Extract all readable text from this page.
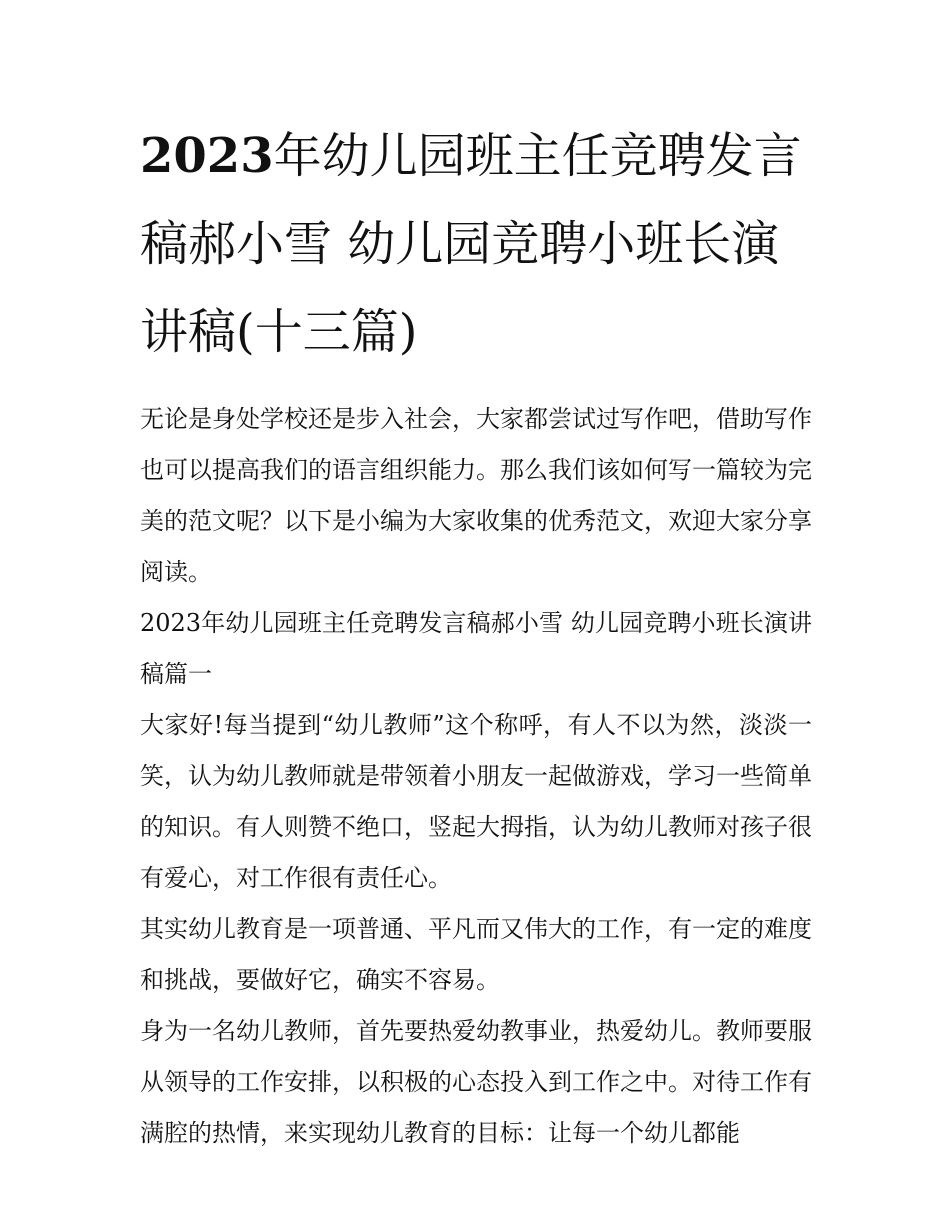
2023年幼儿园班主任竞聘发言稿郝小雪 幼儿园竞聘小班长演讲稿(十三篇)

无论是身处学校还是步入社会，大家都尝试过写作吧，借助写作也可以提高我们的语言组织能力。那么我们该如何写一篇较为完美的范文呢？以下是小编为大家收集的优秀范文，欢迎大家分享阅读。

2023年幼儿园班主任竞聘发言稿郝小雪 幼儿园竞聘小班长演讲稿篇一

大家好!每当提到“幼儿教师”这个称呼，有人不以为然，淡淡一笑，认为幼儿教师就是带领着小朋友一起做游戏，学习一些简单的知识。有人则赞不绝口，竖起大拇指，认为幼儿教师对孩子很有爱心，对工作很有责任心。

其实幼儿教育是一项普通、平凡而又伟大的工作，有一定的难度和挑战，要做好它，确实不容易。

身为一名幼儿教师，首先要热爱幼教事业，热爱幼儿。教师要服从领导的工作安排，以积极的心态投入到工作之中。对待工作有满腔的热情，来实现幼儿教育的目标：让每一个幼儿都能
